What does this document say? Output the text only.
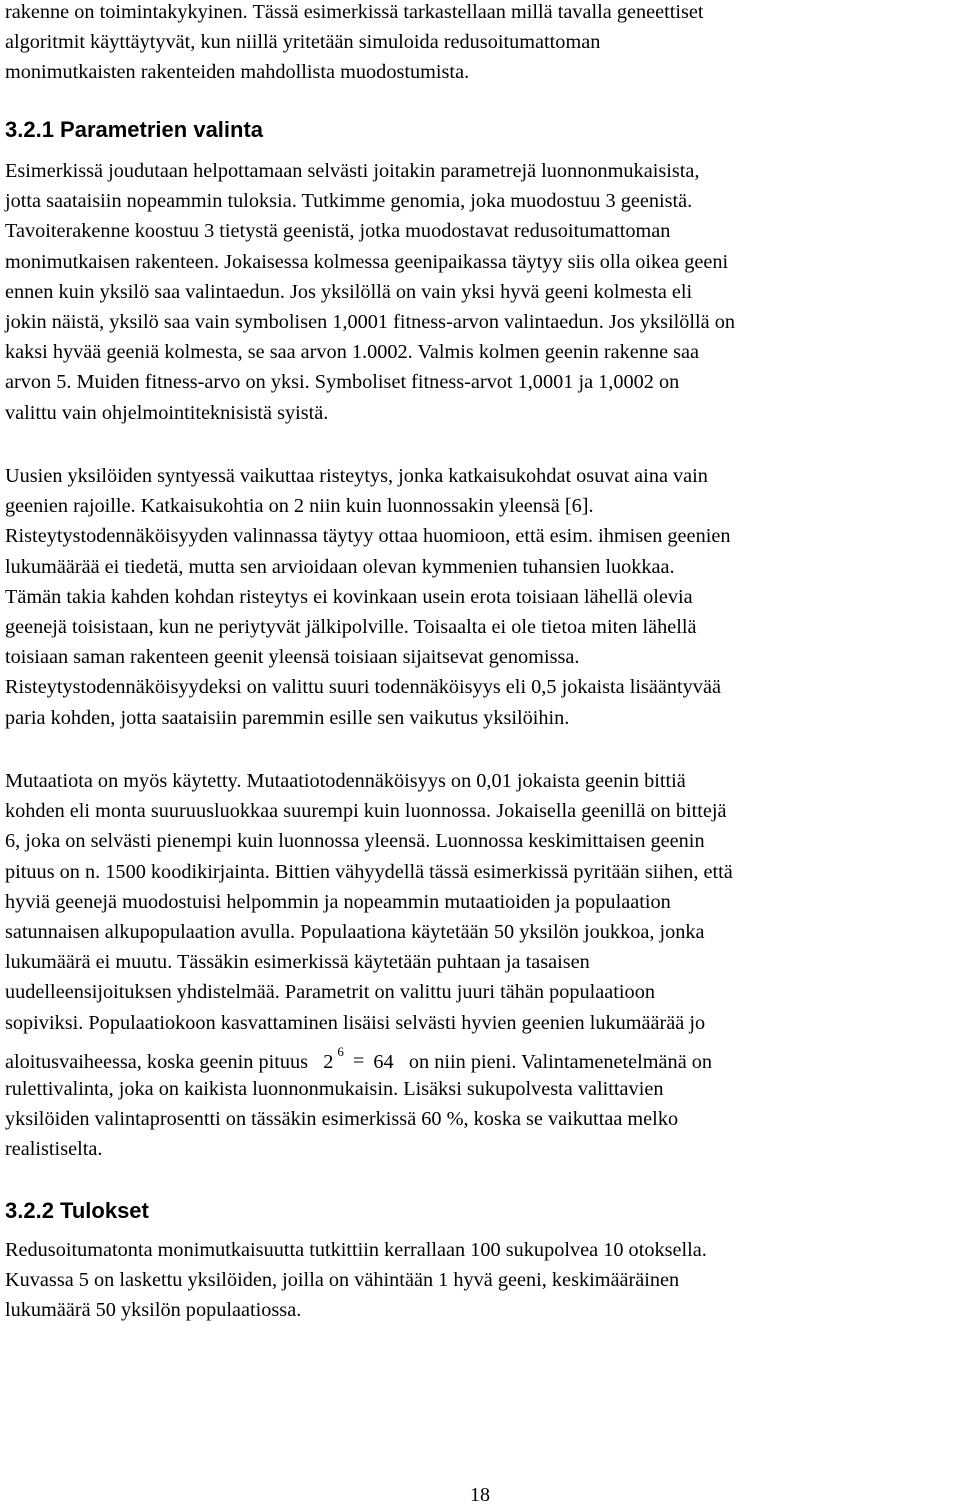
rakenne on toimintakykyinen. Tässä esimerkissä tarkastellaan millä tavalla geneettiset
algoritmit käyttäytyvät, kun niillä yritetään simuloida redusoitumattoman
monimutkaisten rakenteiden mahdollista muodostumista.

3.2.1 Parametrien valinta

Esimerkissä joudutaan helpottamaan selvästi joitakin parametrejä luonnonmukaisista,
jotta saataisiin nopeammin tuloksia. Tutkimme genomia, joka muodostuu 3 geenistä.
Tavoiterakenne koostuu 3 tietystä geenistä, jotka muodostavat redusoitumattoman
monimutkaisen rakenteen. Jokaisessa kolmessa geenipaikassa täytyy siis olla oikea geeni
ennen kuin yksilö saa valintaedun. Jos yksilöllä on vain yksi hyvä geeni kolmesta eli
jokin näistä, yksilö saa vain symbolisen 1,0001 fitness-arvon valintaedun. Jos yksilöllä on
kaksi hyvää geeniä kolmesta, se saa arvon 1.0002. Valmis kolmen geenin rakenne saa
arvon 5. Muiden fitness-arvo on yksi. Symboliset fitness-arvot 1,0001 ja 1,0002 on
valittu vain ohjelmointiteknisistä syistä.

Uusien yksilöiden syntyessä vaikuttaa risteytys, jonka katkaisukohdat osuvat aina vain
geenien rajoille. Katkaisukohtia on 2 niin kuin luonnossakin yleensä [6].
Risteytystodennäköisyyden valinnassa täytyy ottaa huomioon, että esim. ihmisen geenien
lukumäärää ei tiedetä, mutta sen arvioidaan olevan kymmenien tuhansien luokkaa.
Tämän takia kahden kohdan risteytys ei kovinkaan usein erota toisiaan lähellä olevia
geenejä toisistaan, kun ne periytyvät jälkipolville. Toisaalta ei ole tietoa miten lähellä
toisiaan saman rakenteen geenit yleensä toisiaan sijaitsevat genomissa.
Risteytystodennäköisyydeksi on valittu suuri todennäköisyys eli 0,5 jokaista lisääntyvää
paria kohden, jotta saataisiin paremmin esille sen vaikutus yksilöihin.

Mutaatiota on myös käytetty. Mutaatiotodennäköisyys on 0,01 jokaista geenin bittiä
kohden eli monta suuruusluokkaa suurempi kuin luonnossa. Jokaisella geenillä on bittejä
6, joka on selvästi pienempi kuin luonnossa yleensä. Luonnossa keskimittaisen geenin
pituus on n. 1500 koodikirjainta. Bittien vähyydellä tässä esimerkissä pyritään siihen, että
hyviä geenejä muodostuisi helpommin ja nopeammin mutaatioiden ja populaation
satunnaisen alkupopulaation avulla. Populaationa käytetään 50 yksilön joukkoa, jonka
lukumäärä ei muutu. Tässäkin esimerkissä käytetään puhtaan ja tasaisen
uudelleensijoituksen yhdistelmää. Parametrit on valittu juuri tähän populaatioon
sopiviksi. Populaatiokoon kasvattaminen lisäisi selvästi hyvien geenien lukumäärää jo
aloitusvaiheessa, koska geenin pituus 2 $^6$ = 64 on niin pieni. Valintamenetelmänä on
rulettivalinta, joka on kaikista luonnonmukaisin. Lisäksi sukupolvesta valittavien
yksilöiden valintaprosentti on tässäkin esimerkissä 60 %, koska se vaikuttaa melko
realistiselta.

3.2.2 Tulokset

Redusoitumatonta monimutkaisuutta tutkittiin kerrallaan 100 sukupolvea 10 otoksella.
Kuvassa 5 on laskettu yksilöiden, joilla on vähintään 1 hyvä geeni, keskimääräinen
lukumäärä 50 yksilön populaatiossa.

18
